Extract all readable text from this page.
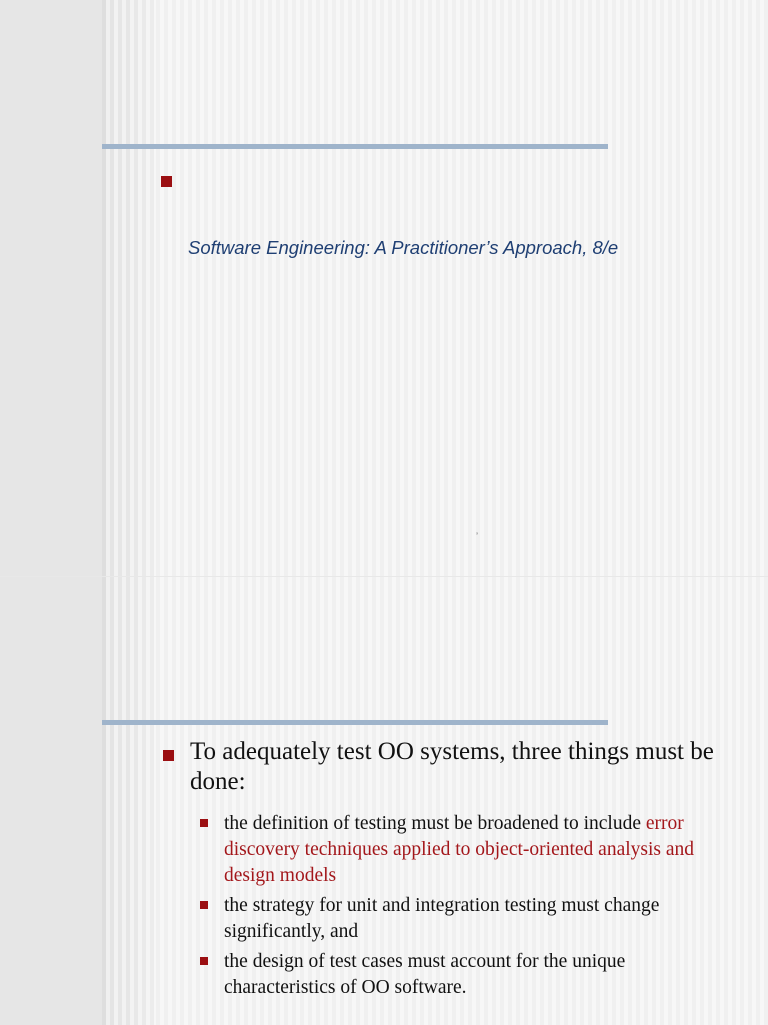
Software Engineering: A Practitioner’s Approach, 8/e
’
To adequately test OO systems, three things must be done:
the definition of testing must be broadened to include error discovery techniques applied to object-oriented analysis and design models
the strategy for unit and integration testing must change significantly, and
the design of test cases must account for the unique characteristics of OO software.
